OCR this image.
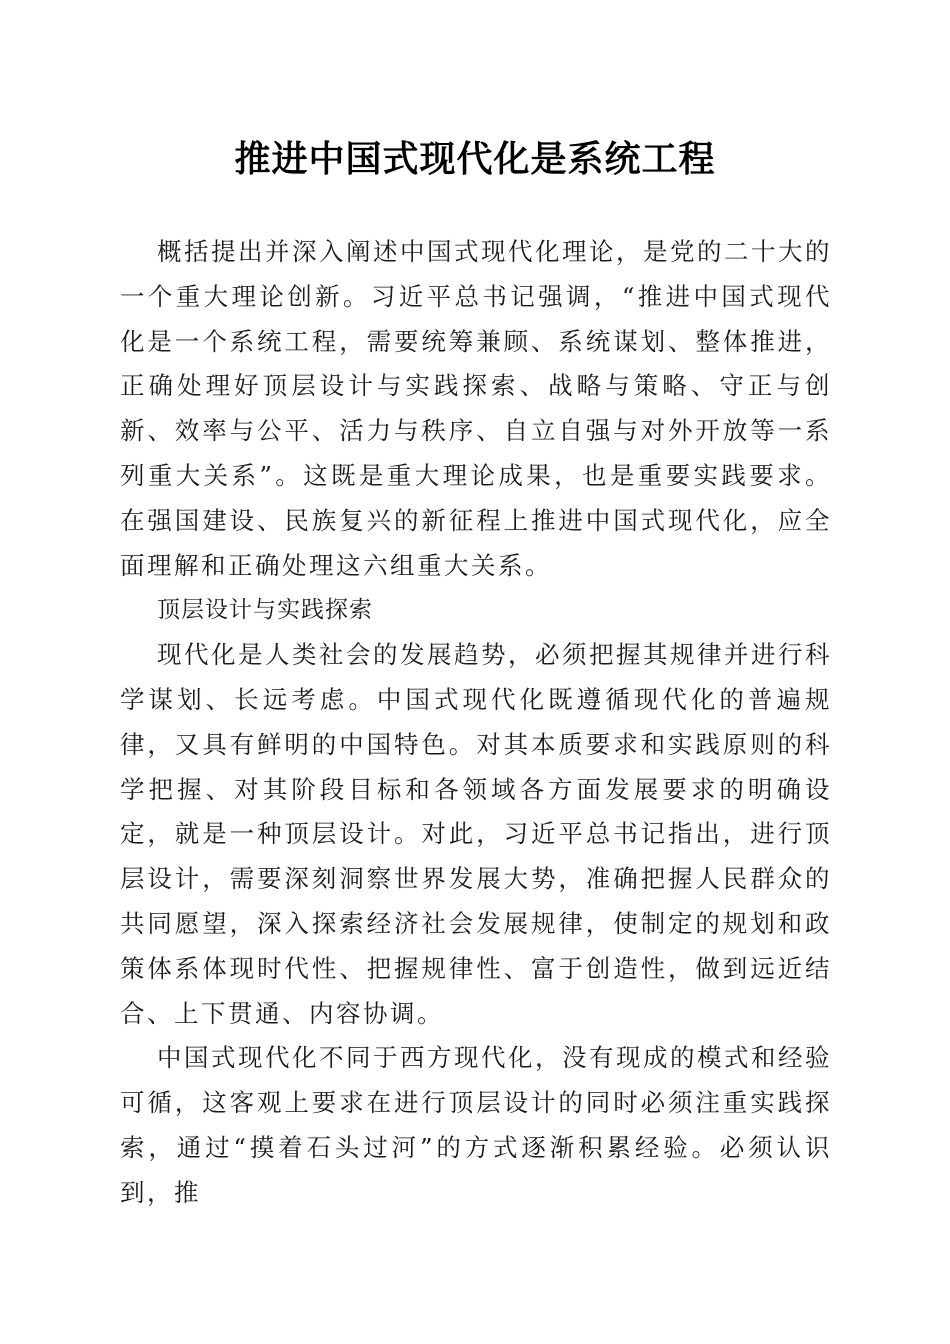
推进中国式现代化是系统工程

概括提出并深入阐述中国式现代化理论，是党的二十大的一个重大理论创新。习近平总书记强调，“推进中国式现代化是一个系统工程，需要统筹兼顾、系统谋划、整体推进，正确处理好顶层设计与实践探索、战略与策略、守正与创新、效率与公平、活力与秩序、自立自强与对外开放等一系列重大关系”。这既是重大理论成果，也是重要实践要求。在强国建设、民族复兴的新征程上推进中国式现代化，应全面理解和正确处理这六组重大关系。

顶层设计与实践探索

现代化是人类社会的发展趋势，必须把握其规律并进行科学谋划、长远考虑。中国式现代化既遵循现代化的普遍规律，又具有鲜明的中国特色。对其本质要求和实践原则的科学把握、对其阶段目标和各领域各方面发展要求的明确设定，就是一种顶层设计。对此，习近平总书记指出，进行顶层设计，需要深刻洞察世界发展大势，准确把握人民群众的共同愿望，深入探索经济社会发展规律，使制定的规划和政策体系体现时代性、把握规律性、富于创造性，做到远近结合、上下贯通、内容协调。

中国式现代化不同于西方现代化，没有现成的模式和经验可循，这客观上要求在进行顶层设计的同时必须注重实践探索，通过“摸着石头过河”的方式逐渐积累经验。必须认识到，推
